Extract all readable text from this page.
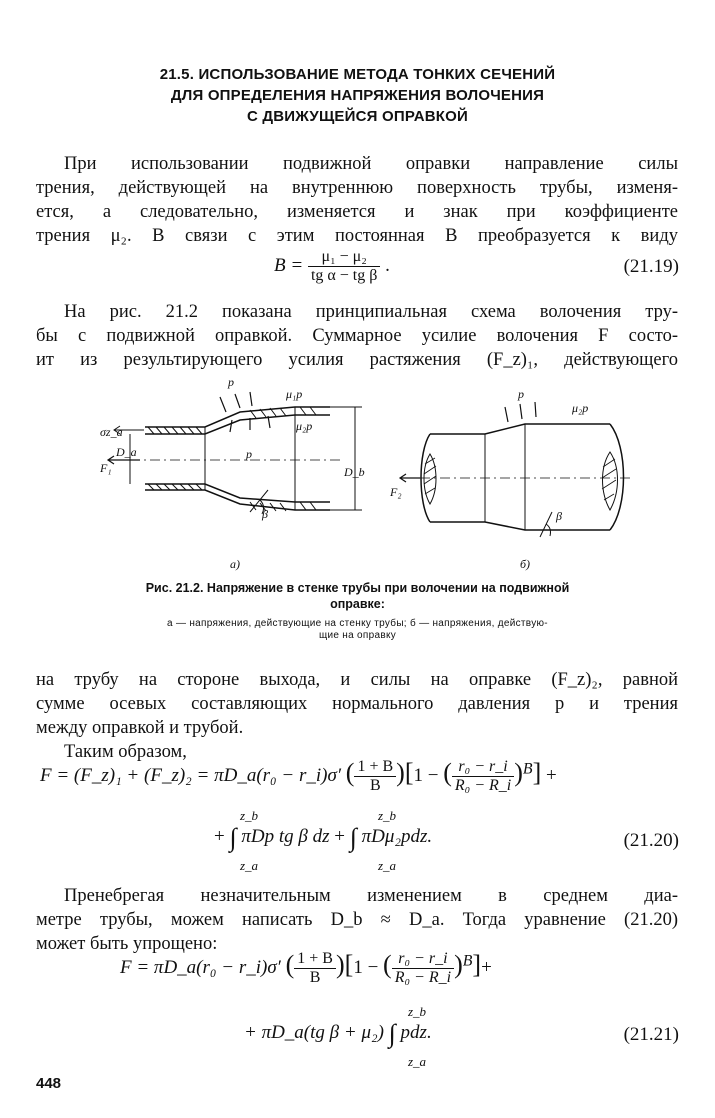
21.5. ИСПОЛЬЗОВАНИЕ МЕТОДА ТОНКИХ СЕЧЕНИЙ
ДЛЯ ОПРЕДЕЛЕНИЯ НАПРЯЖЕНИЯ ВОЛОЧЕНИЯ
С ДВИЖУЩЕЙСЯ ОПРАВКОЙ
При использовании подвижной оправки направление силы
трения, действующей на внутреннюю поверхность трубы, изменя-
ется, а следовательно, изменяется и знак при коэффициенте
трения μ₂. В связи с этим постоянная B преобразуется к виду
$B = \frac{\text{μ₁ − μ₂}}{\text{tg α − tg β}}$ .	(21.19)
На рис. 21.2 показана принципиальная схема волочения тру-
бы с подвижной оправкой. Суммарное усилие волочения F состо-
ит из результирующего усилия растяжения (F_z)₁, действующего
p
μ₁p
μ₂p
p
σz_a
D_a
F₁	D_b
β
а)
p
μ₂p
F₂
β
б)
Рис. 21.2. Напряжение в стенке трубы при волочении на подвижной
оправке:
а — напряжения, действующие на стенку трубы; б — напряжения, действую-
щие на оправку
на трубу на стороне выхода, и силы на оправке (F_z)₂, равной
сумме осевых составляющих нормального давления p и трения
между оправкой и трубой.
Таким образом,
F = (F_z)₁ + (F_z)₂ = πD_a(r₀ − r_i)σ′ ( $\frac{1 + B}{B} )[1$ − ( $\frac{\text{r₀ − r\_i}}{\text{R₀ − R\_i}} )^B$] +
+ ∫ πDp tg β dz + ∫ πDμ₂pdz.
z_b
z_a
z_b
z_a
(21.20)
Пренебрегая незначительным изменением в среднем диа-
метре трубы, можем написать D_b ≈ D_a. Тогда уравнение (21.20)
может быть упрощено:
F = πD_a(r₀ − r_i)σ′ ( $\frac{1 + B}{B} )[1$ − ( $\frac{\text{r₀ − r\_i}}{\text{R₀ − R\_i}} )^B]+$
+ πD_a(tg β + μ₂) ∫ pdz.
z_b
z_a
(21.21)
448
